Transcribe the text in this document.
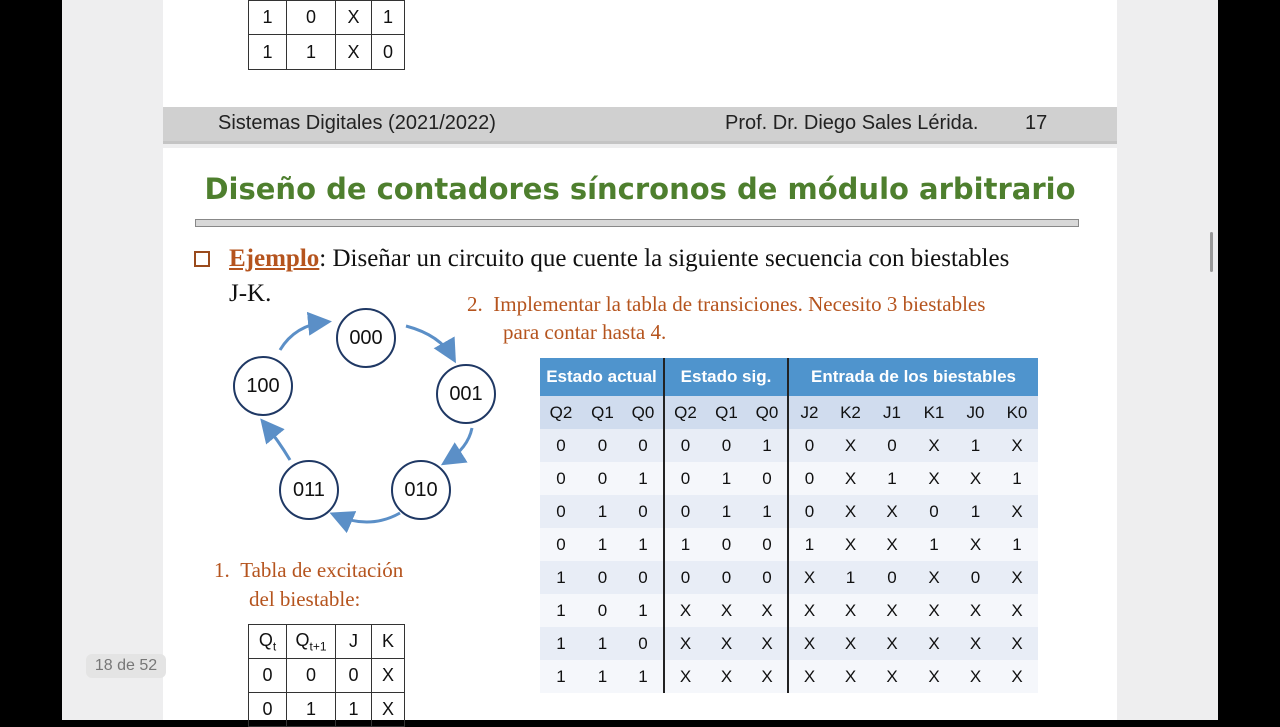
1	0	X	1
1	1	X	0
Sistemas Digitales (2021/2022)	Prof. Dr. Diego Sales Lérida. 17
Diseño de contadores síncronos de módulo arbitrario
Ejemplo: Diseñar un circuito que cuente la siguiente secuencia con biestables
J-K.	2. Implementar la tabla de transiciones. Necesito 3 biestables
para contar hasta 4.
000
001
010
011
100
1. Tabla de excitación
del biestable:
$Q_t$	$Q_{t+1}$	J	K
0	0	0	X
0	1	1	X
Estado actual			Estado sig.			Entrada de los biestables					
Q2	Q1	Q0	Q2	Q1	Q0	J2	K2	J1	K1	J0	K0
0	0	0	0	0	1	0	X	0	X	1	X
0	0	1	0	1	0	0	X	1	X	X	1
0	1	0	0	1	1	0	X	X	0	1	X
0	1	1	1	0	0	1	X	X	1	X	1
1	0	0	0	0	0	X	1	0	X	0	X
1	0	1	X	X	X	X	X	X	X	X	X
1	1	0	X	X	X	X	X	X	X	X	X
1	1	1	X	X	X	X	X	X	X	X	X
18 de 52
